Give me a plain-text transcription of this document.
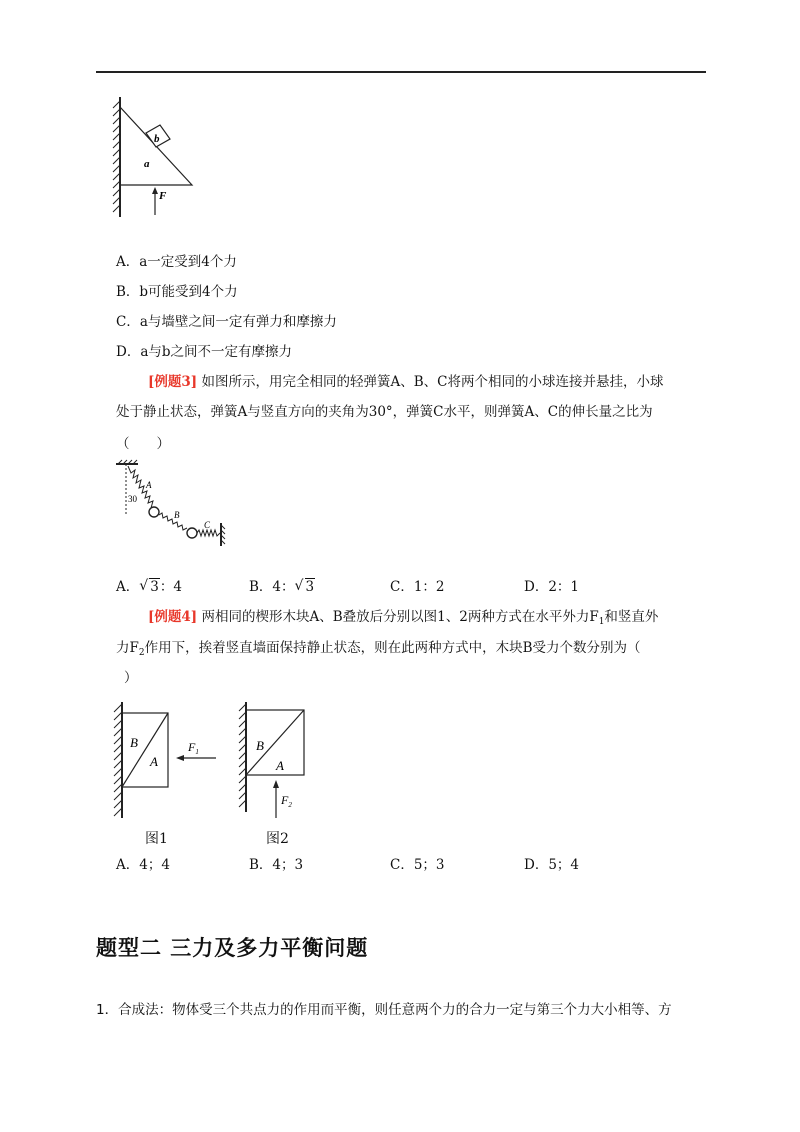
b
a
F
A．a一定受到4个力
B．b可能受到4个力
C．a与墙壁之间一定有弹力和摩擦力
D．a与b之间不一定有摩擦力
[例题3] 如图所示，用完全相同的轻弹簧A、B、C将两个相同的小球连接并悬挂，小球
处于静止状态，弹簧A与竖直方向的夹角为30°，弹簧C水平，则弹簧A、C的伸长量之比为
（　　）
A
30
B
C
A． √ 3：4	B．4： √ 3	C．1：2	D．2：1
[例题4] 两相同的楔形木块A、B叠放后分别以图1、2两种方式在水平外力$F_1$和竖直外
力$F_2$作用下，挨着竖直墙面保持静止状态，则在此两种方式中，木块B受力个数分别为（
）
B
A
$F_1$
图1
B
A
$F_2$
图2
A．4；4	B．4；3	C．5；3	D．5；4
题型二 三力及多力平衡问题
1．合成法：物体受三个共点力的作用而平衡，则任意两个力的合力一定与第三个力大小相等、方
